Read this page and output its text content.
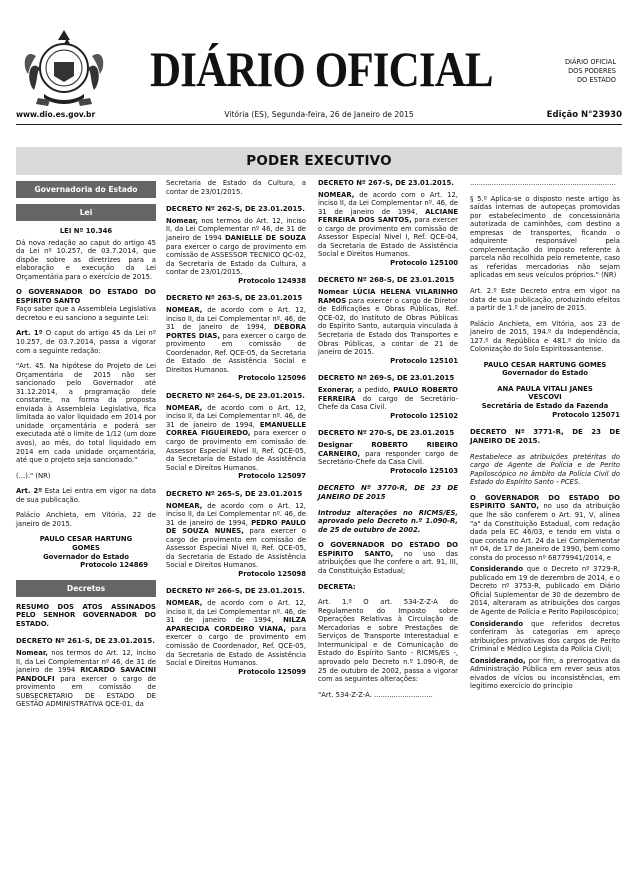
DIÁRIO OFICIAL	DIÁRIO OFICIAL
DOS PODERES
DO ESTADO
Vitória (ES), Segunda-feira, 26 de Janeiro de 2015
www.dio.es.gov.br	Edição N°23930
PODER EXECUTIVO
Governadoria do Estado
Lei

LEI Nº 10.346

Dá nova redação ao caput do artigo 45 da Lei nº 10.257, de 03.7.2014, que dispõe sobre as diretrizes para a elaboração e execução da Lei Orçamentária para o exercício de 2015.

O GOVERNADOR DO ESTADO DO ESPÍRITO SANTO

Faço saber que a Assembleia Legislativa decretou e eu sanciono a seguinte Lei:

Art. 1º O caput do artigo 45 da Lei nº 10.257, de 03.7.2014, passa a vigorar com a seguinte redação:

"Art. 45. Na hipótese do Projeto de Lei Orçamentária de 2015 não ser sancionado pelo Governador até 31.12.2014, a programação dele constante, na forma da proposta enviada à Assembleia Legislativa, fica limitada ao valor liquidado em 2014 por unidade orçamentária e poderá ser executada até o limite de 1/12 (um doze avos), ao mês, do total liquidado em 2014 em cada unidade orçamentária, até que o projeto seja sancionado."

(...)." (NR)

Art. 2º Esta Lei entra em vigor na data de sua publicação.

Palácio Anchieta, em Vitória, 22 de janeiro de 2015.

PAULO CESAR HARTUNG GOMES

Governador do Estado

Protocolo 124869

Decretos

RESUMO DOS ATOS ASSINADOS PELO SENHOR GOVERNADOR DO ESTADO.

DECRETO Nº 261-S, DE 23.01.2015.

Nomear, nos termos do Art. 12, inciso II, da Lei Complementar nº 46, de 31 de janeiro de 1994 RICARDO SAVACINI PANDOLFI para exercer o cargo de provimento em comissão de SUBSECRETARIO DE ESTADO DE GESTÃO ADMINISTRATIVA QCE-01, da

Secretaria de Estado da Cultura, a contar de 23/01/2015.

DECRETO Nº 262-S, DE 23.01.2015.

Nomear, nos termos do Art. 12, inciso II, da Lei Complementar nº 46, de 31 de janeiro de 1994 DANIELLE DE SOUZA para exercer o cargo de provimento em comissão de ASSESSOR TECNICO QC-02, da Secretaria de Estado da Cultura, a contar de 23/01/2015.

Protocolo 124938

DECRETO Nº 263-S, DE 23.01.2015

NOMEAR, de acordo com o Art. 12, inciso II, da Lei Complementar nº. 46, de 31 de janeiro de 1994, DÉBORA PORTES DIAS, para exercer o cargo de provimento em comissão de Coordenador, Ref. QCE-05, da Secretaria de Estado de Assistência Social e Direitos Humanos.

Protocolo 125096

DECRETO Nº 264-S, DE 23.01.2015.

NOMEAR, de acordo com o Art. 12, inciso II, da Lei Complementar nº. 46, de 31 de janeiro de 1994, EMANUELLE CORREA FIGUEIREDO, para exercer o cargo de provimento em comissão de Assessor Especial Nível II, Ref. QCE-05, da Secretaria de Estado de Assistência Social e Direitos Humanos.

Protocolo 125097

DECRETO Nº 265-S, DE 23.01.2015

NOMEAR, de acordo com o Art. 12, inciso II, da Lei Complementar nº. 46, de 31 de janeiro de 1994, PEDRO PAULO DE SOUZA NUNES, para exercer o cargo de provimento em comissão de Assessor Especial Nível II, Ref. QCE-05, da Secretaria de Estado de Assistência Social e Direitos Humanos.

Protocolo 125098

DECRETO Nº 266-S, DE 23.01.2015.

NOMEAR, de acordo com o Art. 12, inciso II, da Lei Complementar nº. 46, de 31 de janeiro de 1994, NILZA APARECIDA CORDEIRO VIANA, para exercer o cargo de provimento em comissão de Coordenador, Ref. QCE-05, da Secretaria de Estado de Assistência Social e Direitos Humanos.

Protocolo 125099

DECRETO Nº 267-S, DE 23.01.2015.

NOMEAR, de acordo com o Art. 12, inciso II, da Lei Complementar nº. 46, de 31 de janeiro de 1994, ALCIANE FERREIRA DOS SANTOS, para exercer o cargo de provimento em comissão de Assessor Especial Nível I, Ref. QCE-04, da Secretaria de Estado de Assistência Social e Direitos Humanos.

Protocolo 125100

DECRETO Nº 268-S, DE 23.01.2015

Nomear LÚCIA HELENA VILARINHO RAMOS para exercer o cargo de Diretor de Edificações e Obras Públicas, Ref. QCE-02, do Instituto de Obras Públicas do Espírito Santo, autarquia vinculada à Secretaria de Estado dos Transportes e Obras Públicas, a contar de 21 de janeiro de 2015.

Protocolo 125101

DECRETO Nº 269-S, DE 23.01.2015

Exonerar, a pedido, PAULO ROBERTO FERREIRA do cargo de Secretário-Chefe da Casa Civil.

Protocolo 125102

DECRETO Nº 270-S, DE 23.01.2015

Designar ROBERTO RIBEIRO CARNEIRO, para responder cargo de Secretário-Chefe da Casa Civil.

Protocolo 125103

DECRETO Nº 3770-R, DE 23 DE JANEIRO DE 2015

Introduz alterações no RICMS/ES, aprovado pelo Decreto n.º 1.090-R, de 25 de outubro de 2002.

O GOVERNADOR DO ESTADO DO ESPÍRITO SANTO, no uso das atribuições que lhe confere o art. 91, III, da Constituição Estadual;

DECRETA:

Art. 1.º O art. 534-Z-Z-A do Regulamento do Imposto sobre Operações Relativas à Circulação de Mercadorias e sobre Prestações de Serviços de Transporte Interestadual e Intermunicipal e de Comunicação do Estado do Espírito Santo - RICMS/ES -, aprovado pelo Decreto n.º 1.090-R, de 25 de outubro de 2002, passa a vigorar com as seguintes alterações:

"Art. 534-Z-Z-A. ...........................

...................................................................

§ 5.º Aplica-se o disposto neste artigo às saídas internas de autopeças promovidas por estabelecimento de concessionária autorizada de caminhões, com destino a empresas de transportes, ficando o adquirente responsável pela complementação do imposto referente à parcela não recolhida pelo remetente, caso as referidas mercadorias não sejam aplicadas em seus veículos próprios." (NR)

Art. 2.º Este Decreto entra em vigor na data de sua publicação, produzindo efeitos a partir de 1.º de janeiro de 2015.

Palácio Anchieta, em Vitória, aos 23 de janeiro de 2015, 194.º da Independência, 127.º da República e 481.º do Início da Colonização do Solo Espiritossantense.

PAULO CESAR HARTUNG GOMES

Governador do Estado

ANA PAULA VITALI JANES VESCOVI

Secretária de Estado da Fazenda

Protocolo 125071

DECRETO Nº 3771-R, DE 23 DE JANEIRO DE 2015.

Restabelece as atribuições pretéritas do cargo de Agente de Polícia e de Perito Papiloscópico no âmbito da Polícia Civil do Estado do Espírito Santo - PCES.

O GOVERNADOR DO ESTADO DO ESPÍRITO SANTO, no uso da atribuição que lhe são conferem o Art. 91, V, alínea "a" da Constituição Estadual, com redação dada pela EC 46/03, e tendo em vista o que consta no Art. 24 da Lei Complementar nº 04, de 17 de Janeiro de 1990, bem como consta do processo nº 68779941/2014, e

Considerando que o Decreto nº 3729-R, publicado em 19 de dezembro de 2014, e o Decreto nº 3753-R, publicado em Diário Oficial Suplementar de 30 de dezembro de 2014, alteraram as atribuições dos cargos de Agente de Polícia e Perito Papiloscópico;

Considerando que referidos decretos conferiram às categorias em apreço atribuições privativas dos cargos de Perito Criminal e Médico Legista da Polícia Civil;

Considerando, por fim, a prerrogativa da Administração Pública em rever seus atos eivados de vícios ou inconsistências, em legítimo exercício do princípio
